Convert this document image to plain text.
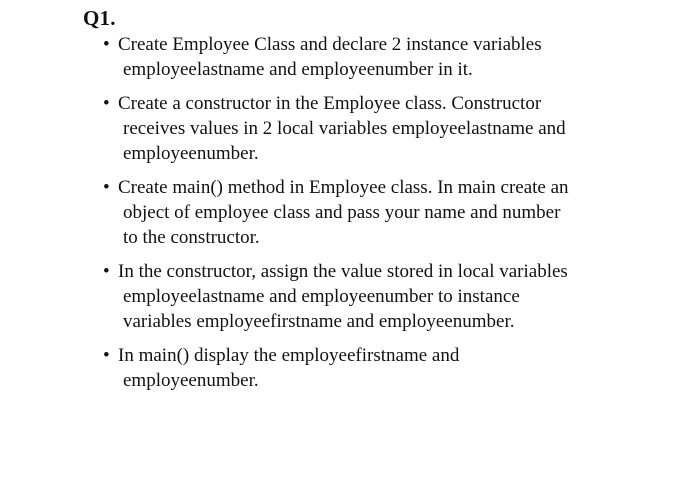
Q1.
• Create Employee Class and declare 2 instance variables
employeelastname and employeenumber in it.
• Create a constructor in the Employee class. Constructor
receives values in 2 local variables employeelastname and
employeenumber.
• Create main() method in Employee class. In main create an
object of employee class and pass your name and number
to the constructor.
• In the constructor, assign the value stored in local variables
employeelastname and employeenumber to instance
variables employeefirstname and employeenumber.
• In main() display the employeefirstname and
employeenumber.
